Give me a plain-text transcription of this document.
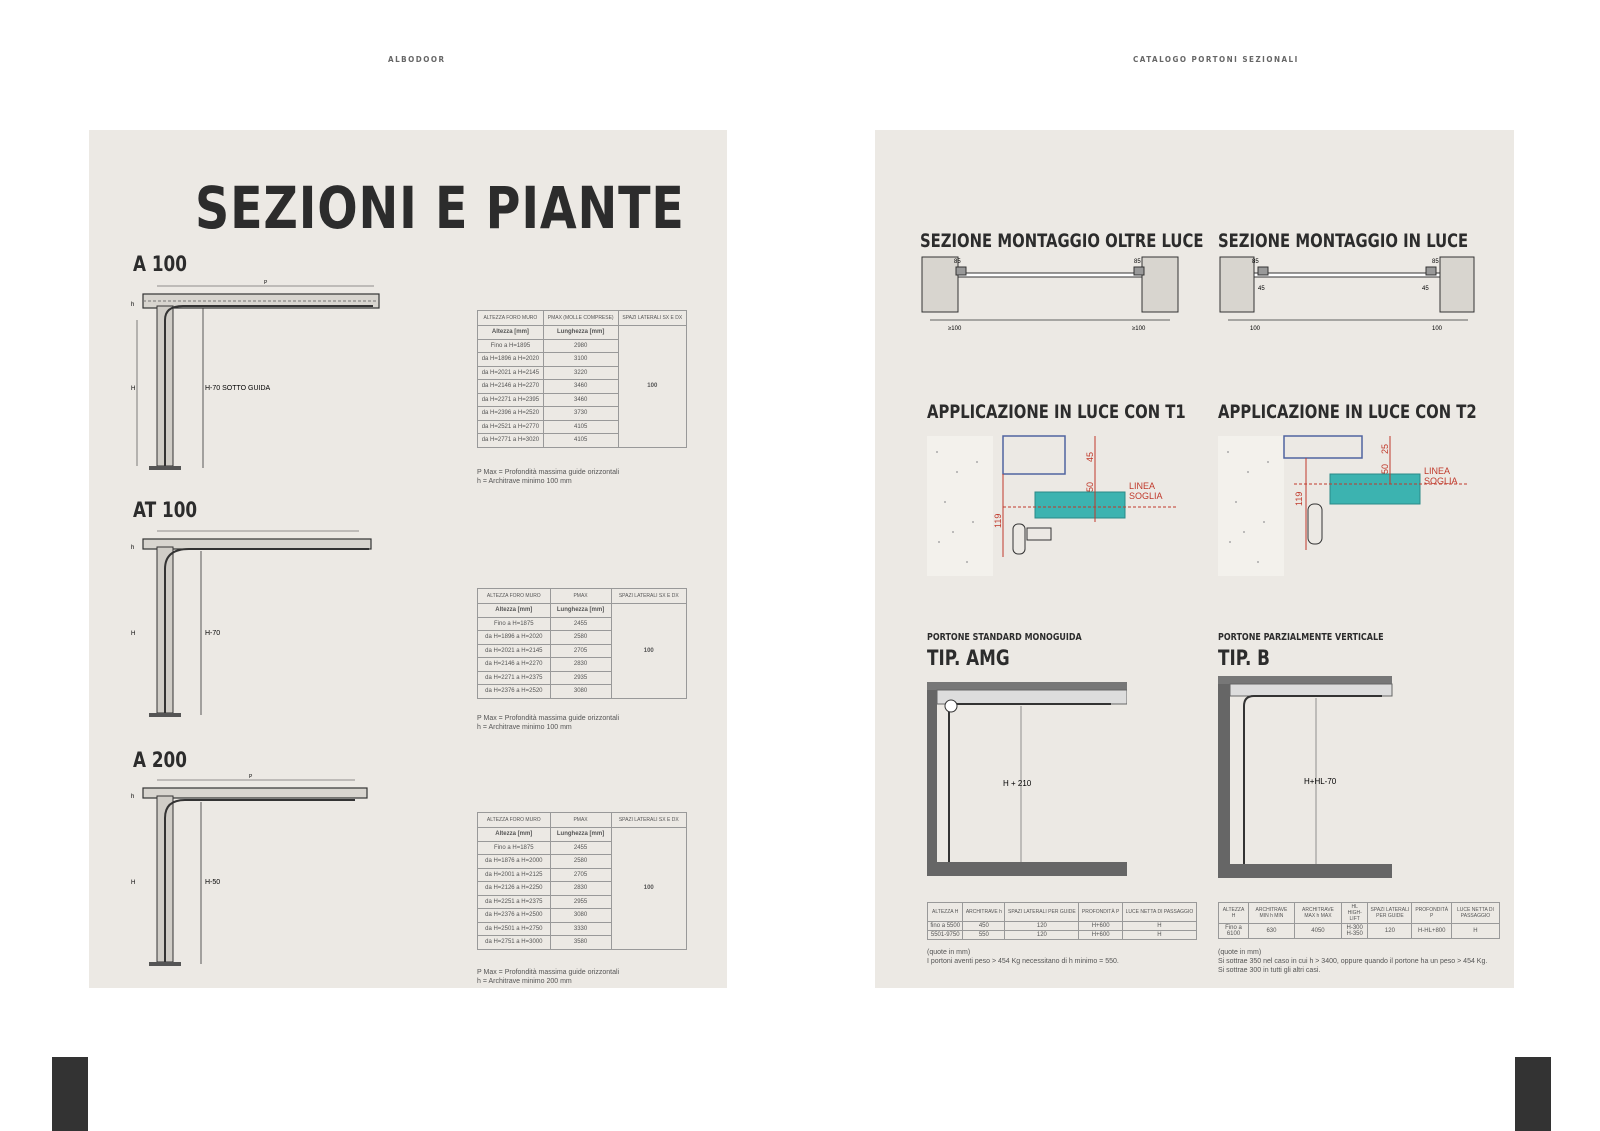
ALBODOOR	CATALOGO PORTONI SEZIONALI
SEZIONI E PIANTE
A 100
P
h
H	H-70 SOTTO GUIDA
ALTEZZA FORO MURO	PMAX (MOLLE COMPRESE)	SPAZI LATERALI SX E DX
Altezza [mm]	Lunghezza [mm]	100
Fino a H=1895	2980	
da H=1896 a H=2020	3100	
da H=2021 a H=2145	3220	
da H=2146 a H=2270	3460	
da H=2271 a H=2395	3460	
da H=2396 a H=2520	3730	
da H=2521 a H=2770	4105	
da H=2771 a H=3020	4105	
P Max = Profondità massima guide orizzontali
h = Architrave minimo 100 mm
AT 100
h
H	H-70
ALTEZZA FORO MURO	PMAX	SPAZI LATERALI SX E DX
Altezza [mm]	Lunghezza [mm]	100
Fino a H=1875	2455	
da H=1896 a H=2020	2580	
da H=2021 a H=2145	2705	
da H=2146 a H=2270	2830	
da H=2271 a H=2375	2935	
da H=2376 a H=2520	3080	
P Max = Profondità massima guide orizzontali
h = Architrave minimo 100 mm
A 200
P
h
H	H-50
ALTEZZA FORO MURO	PMAX	SPAZI LATERALI SX E DX
Altezza [mm]	Lunghezza [mm]	100
Fino a H=1875	2455	
da H=1876 a H=2000	2580	
da H=2001 a H=2125	2705	
da H=2126 a H=2250	2830	
da H=2251 a H=2375	2955	
da H=2376 a H=2500	3080	
da H=2501 a H=2750	3330	
da H=2751 a H=3000	3580	
P Max = Profondità massima guide orizzontali
h = Architrave minimo 200 mm
SEZIONE MONTAGGIO OLTRE LUCE
85	85
≥100	≥100
SEZIONE MONTAGGIO IN LUCE
85	85
45	45
100	100
APPLICAZIONE IN LUCE CON T1
119
50
45
LINEA
SOGLIA
APPLICAZIONE IN LUCE CON T2
119
50
25
LINEA
SOGLIA
PORTONE STANDARD MONOGUIDA
TIP. AMG
H + 210
ALTEZZA H	ARCHITRAVE h	SPAZI LATERALI PER GUIDE	PROFONDITÀ P	LUCE NETTA DI PASSAGGIO
fino a 5500	450	120	H+600	H
5501-9750	550	120	H+600	H
(quote in mm)
I portoni aventi peso > 454 Kg necessitano di h minimo = 550.
PORTONE PARZIALMENTE VERTICALE
TIP. B
H+HL-70
ALTEZZA H	ARCHITRAVE MIN h MIN	ARCHITRAVE MAX h MAX	HL HIGH-LIFT	SPAZI LATERALI PER GUIDE	PROFONDITÀ P	LUCE NETTA DI PASSAGGIO
Fino a 6100	630	4050	H-300 H-350	120	H-HL+800	H
(quote in mm)
Si sottrae 350 nel caso in cui h > 3400, oppure quando il portone ha un peso > 454 Kg.
Si sottrae 300 in tutti gli altri casi.
